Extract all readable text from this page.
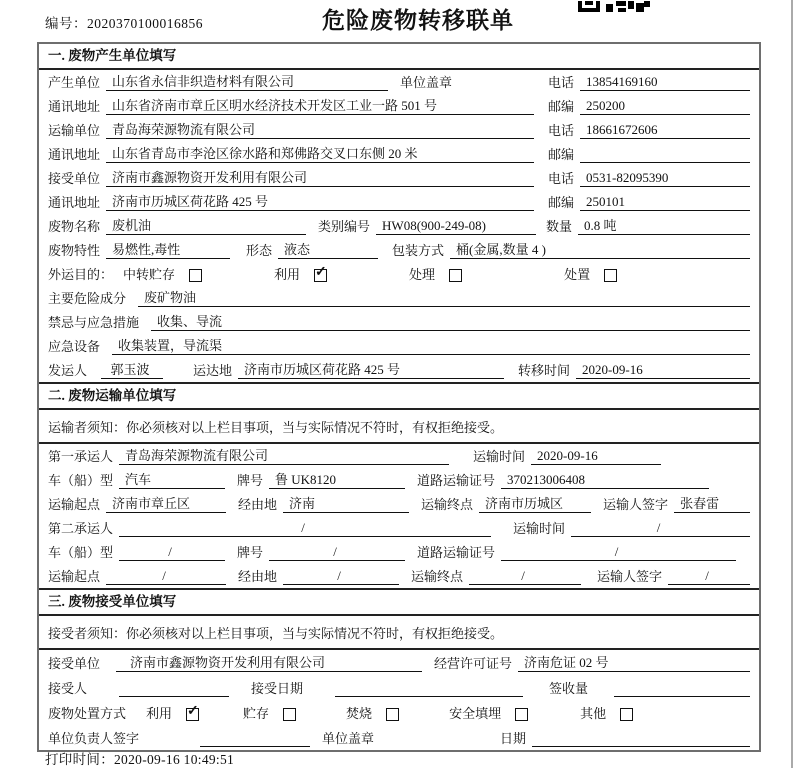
编号：2020370100016856	危险废物转移联单
一. 废物产生单位填写
产生单位 山东省永信非织造材料有限公司	单位盖章	电话 13854169160
通讯地址 山东省济南市章丘区明水经济技术开发区工业一路 501 号	邮编 250200
运输单位 青岛海荣源物流有限公司	电话 18661672606
通讯地址 山东省青岛市李沧区徐水路和郑佛路交叉口东侧 20 米	邮编
接受单位 济南市鑫源物资开发利用有限公司	电话 0531-82095390
通讯地址 济南市历城区荷花路 425 号	邮编 250101
废物名称 废机油	类别编号 HW08(900-249-08)	数量 0.8 吨
废物特性 易燃性,毒性	形态 液态	包装方式 桶(金属,数量 4 )
外运目的： 中转贮存	利用 ✓	处理	处置
主要危险成分	废矿物油
禁忌与应急措施	收集、导流
应急设备	收集装置，导流渠
发运人	郭玉波	运达地 济南市历城区荷花路 425 号	转移时间 2020-09-16
二. 废物运输单位填写
运输者须知：你必须核对以上栏目事项，当与实际情况不符时，有权拒绝接受。
第一承运人 青岛海荣源物流有限公司	运输时间 2020-09-16
车（船）型 汽车	牌号 鲁 UK8120	道路运输证号 370213006408
运输起点 济南市章丘区	经由地 济南	运输终点 济南市历城区	运输人签字 张春雷
第二承运人	/	运输时间	/
车（船）型	/	牌号	/	道路运输证号	/
运输起点	/	经由地	/	运输终点	/	运输人签字	/
三. 废物接受单位填写
接受者须知：你必须核对以上栏目事项，当与实际情况不符时，有权拒绝接受。
接受单位	济南市鑫源物资开发利用有限公司	经营许可证号 济南危证 02 号
接受人	接受日期	签收量
废物处置方式	利用 ✓	贮存	焚烧	安全填埋	其他
单位负责人签字	单位盖章	日期
打印时间：2020-09-16 10:49:51
